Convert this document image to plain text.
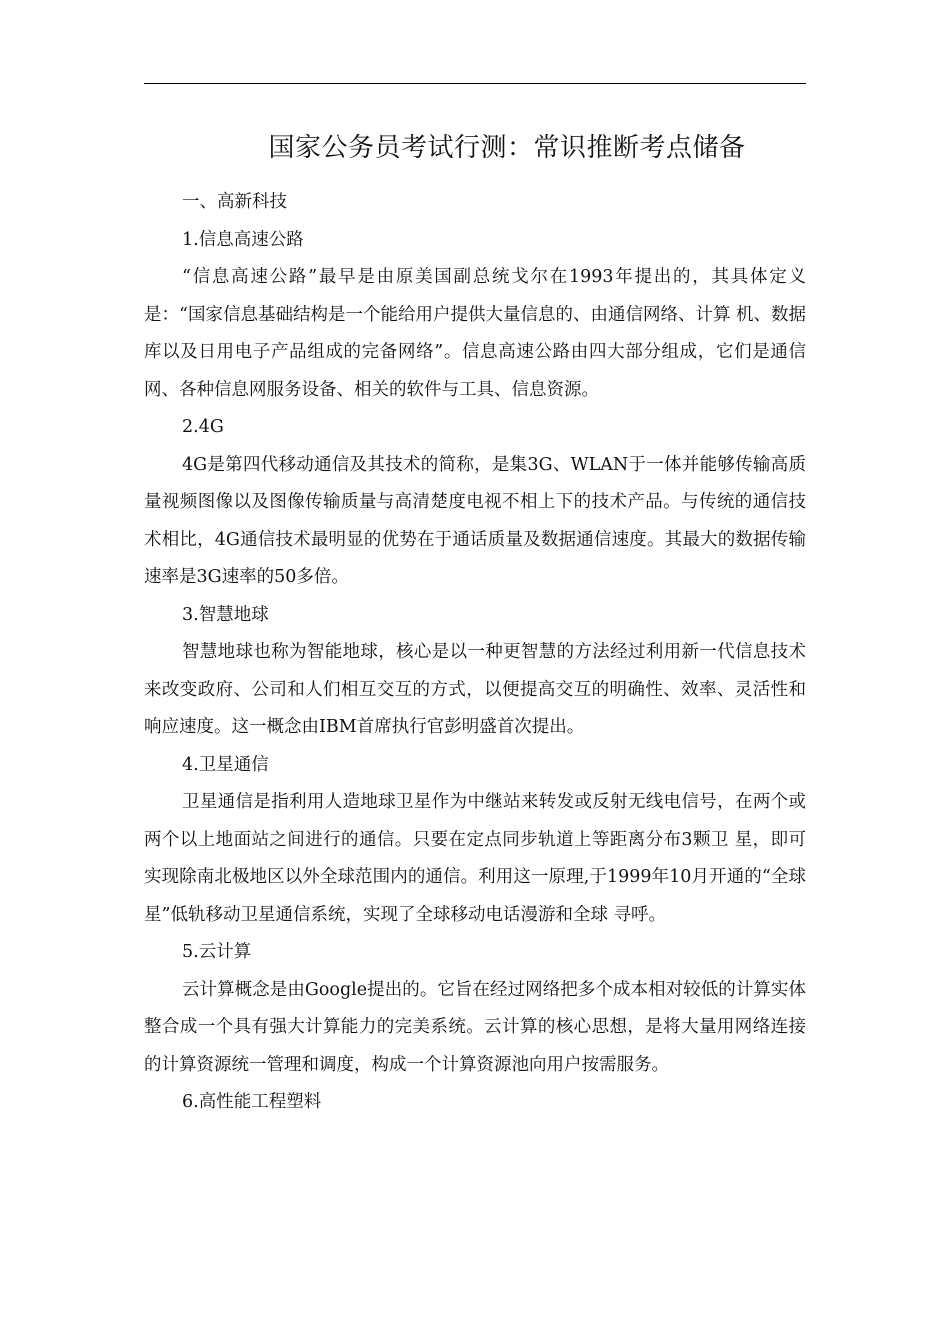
国家公务员考试行测：常识推断考点储备

一、高新科技

1.信息高速公路

“信息高速公路”最早是由原美国副总统戈尔在1993年提出的，其具体定义是：“国家信息基础结构是一个能给用户提供大量信息的、由通信网络、计算 机、数据库以及日用电子产品组成的完备网络”。信息高速公路由四大部分组成，它们是通信网、各种信息网服务设备、相关的软件与工具、信息资源。

2.4G

4G是第四代移动通信及其技术的简称，是集3G、WLAN于一体并能够传输高质量视频图像以及图像传输质量与高清楚度电视不相上下的技术产品。与传统的通信技术相比，4G通信技术最明显的优势在于通话质量及数据通信速度。其最大的数据传输速率是3G速率的50多倍。

3.智慧地球

智慧地球也称为智能地球，核心是以一种更智慧的方法经过利用新一代信息技术来改变政府、公司和人们相互交互的方式，以便提高交互的明确性、效率、灵活性和响应速度。这一概念由IBM首席执行官彭明盛首次提出。

4.卫星通信

卫星通信是指利用人造地球卫星作为中继站来转发或反射无线电信号，在两个或两个以上地面站之间进行的通信。只要在定点同步轨道上等距离分布3颗卫 星，即可实现除南北极地区以外全球范围内的通信。利用这一原理,于1999年10月开通的“全球星”低轨移动卫星通信系统，实现了全球移动电话漫游和全球 寻呼。

5.云计算

云计算概念是由Google提出的。它旨在经过网络把多个成本相对较低的计算实体整合成一个具有强大计算能力的完美系统。云计算的核心思想，是将大量用网络连接的计算资源统一管理和调度，构成一个计算资源池向用户按需服务。

6.高性能工程塑料
